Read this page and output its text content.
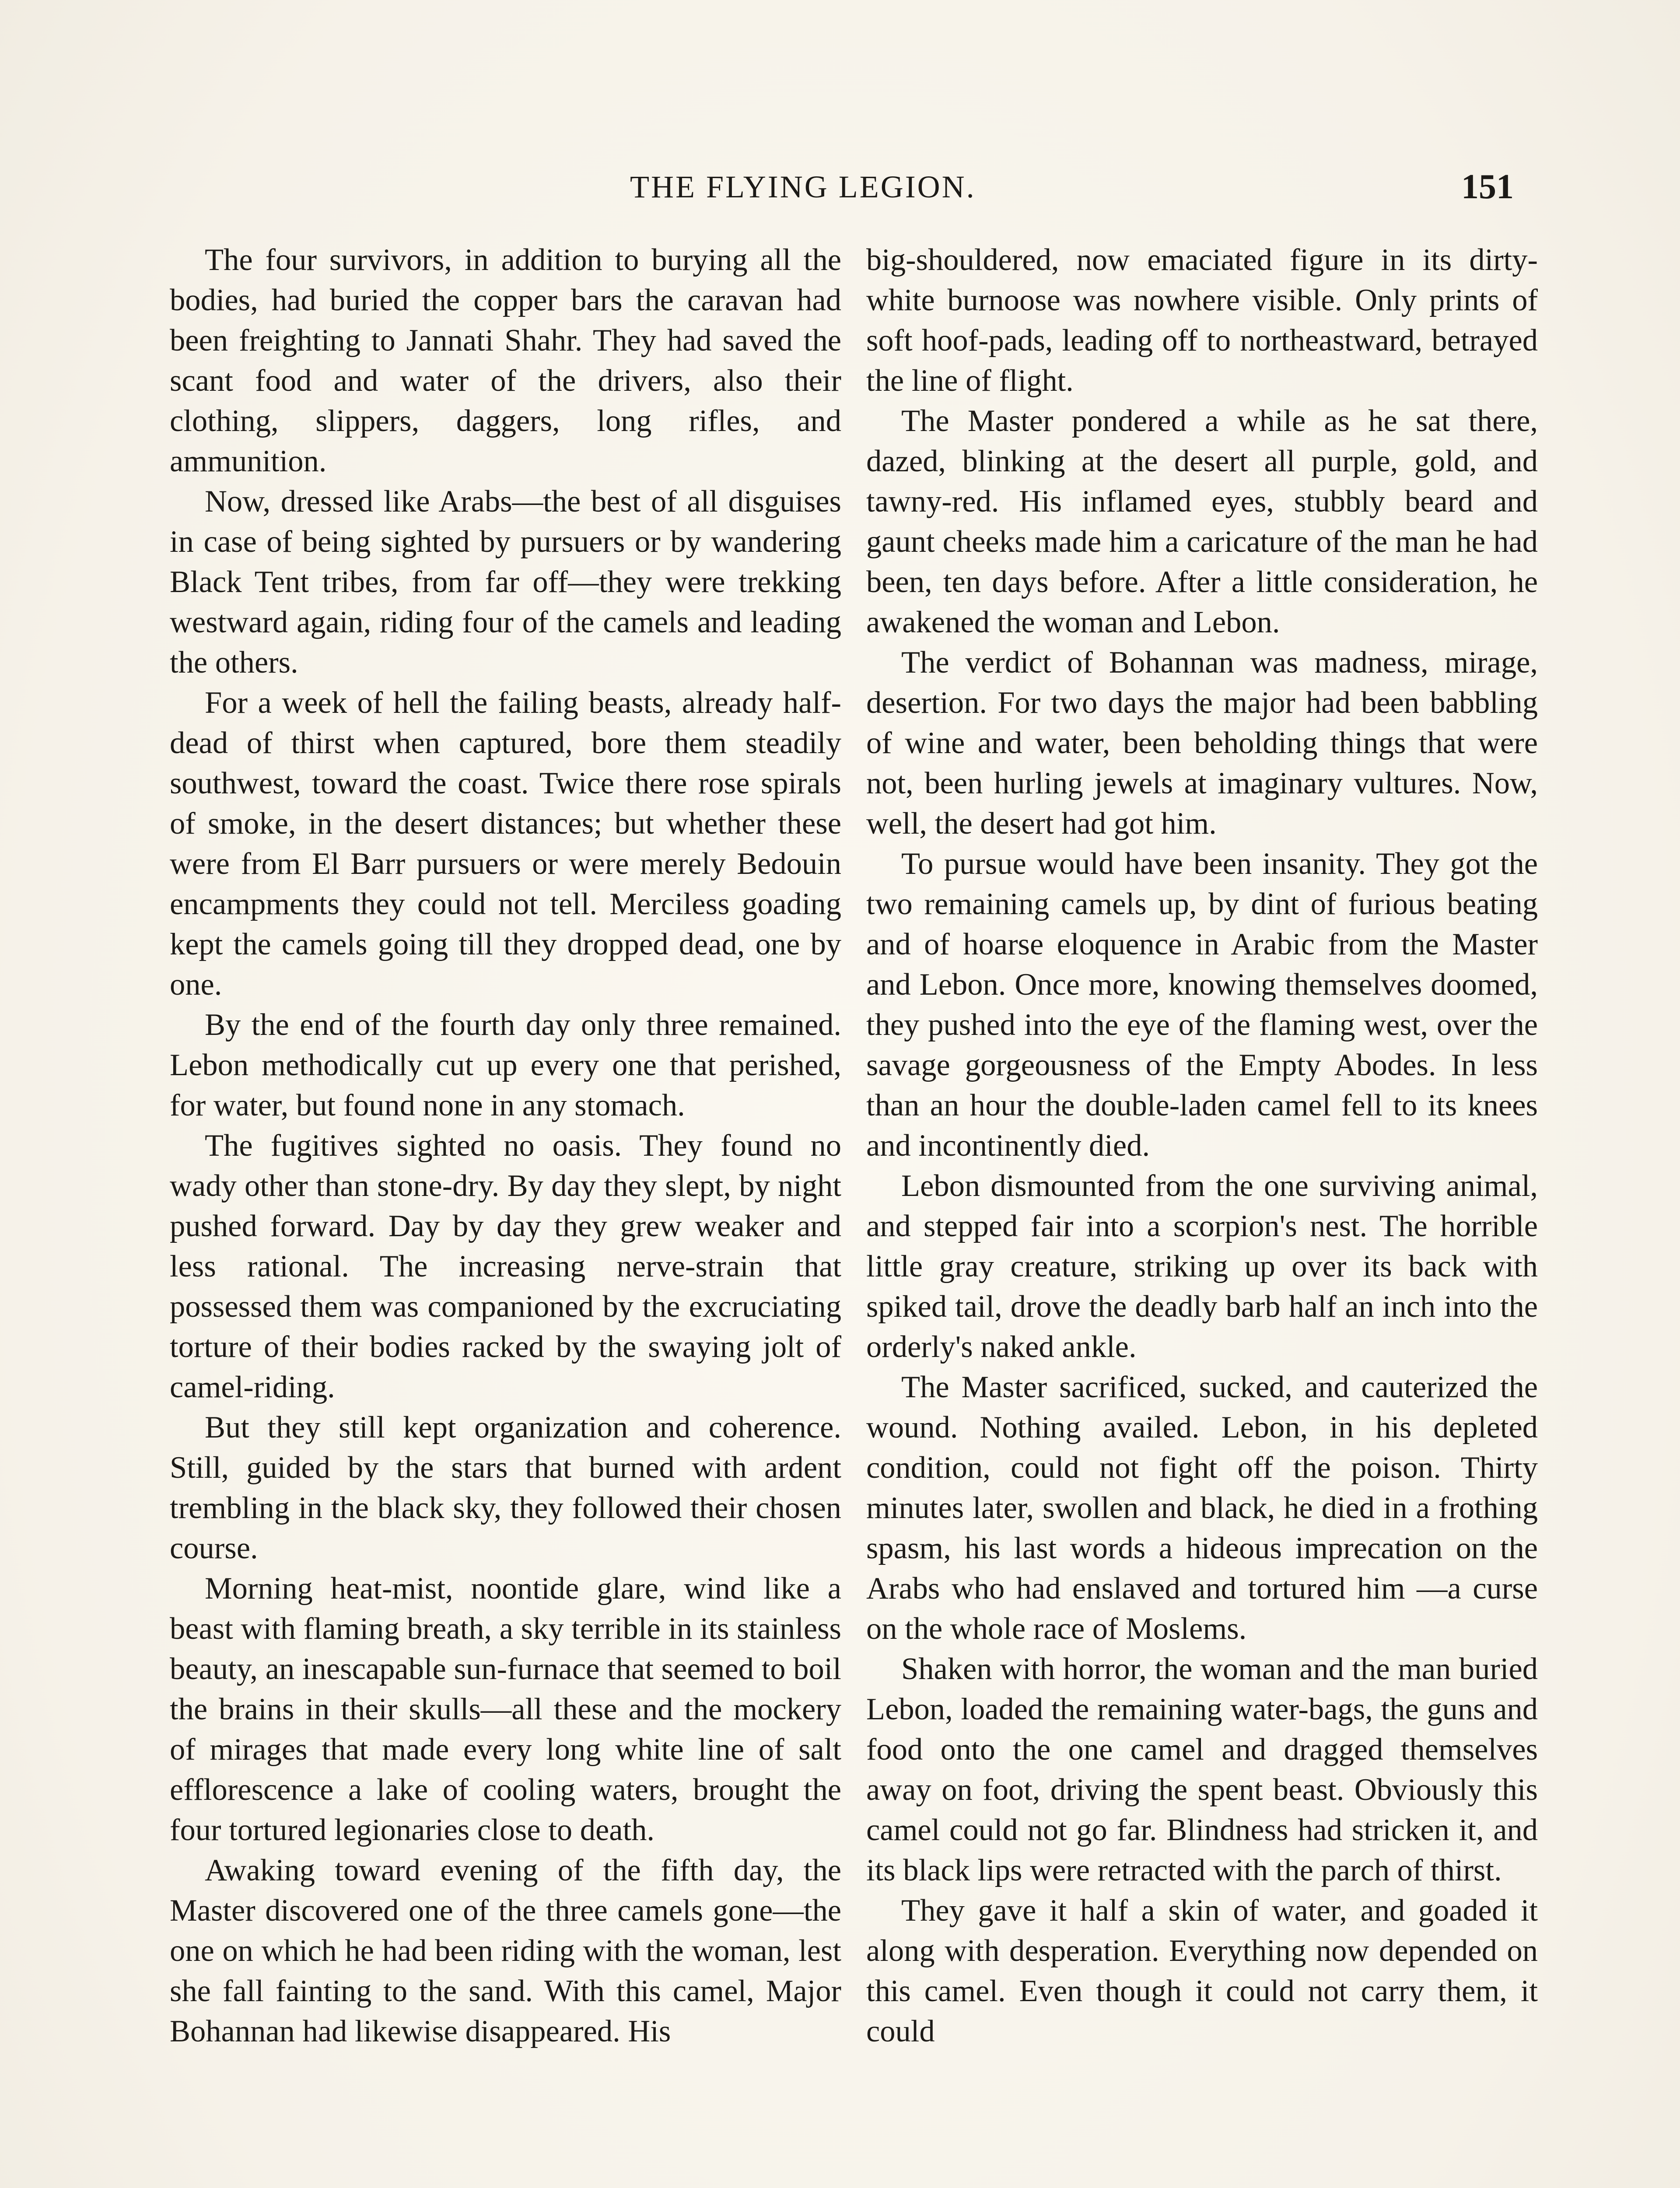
THE FLYING LEGION.	151

The four survivors, in addition to burying all the bodies, had buried the copper bars the caravan had been freighting to Jannati Shahr. They had saved the scant food and water of the drivers, also their clothing, slippers, daggers, long rifles, and ammunition.

Now, dressed like Arabs—the best of all disguises in case of being sighted by pursuers or by wandering Black Tent tribes, from far off—they were trekking westward again, riding four of the camels and leading the others.

For a week of hell the failing beasts, already half-dead of thirst when captured, bore them steadily southwest, toward the coast. Twice there rose spirals of smoke, in the desert distances; but whether these were from El Barr pursuers or were merely Bedouin encampments they could not tell. Merciless goading kept the camels going till they dropped dead, one by one.

By the end of the fourth day only three remained. Lebon methodically cut up every one that perished, for water, but found none in any stomach.

The fugitives sighted no oasis. They found no wady other than stone-dry. By day they slept, by night pushed forward. Day by day they grew weaker and less rational. The increasing nerve-strain that possessed them was companioned by the excruciating torture of their bodies racked by the swaying jolt of camel-riding.

But they still kept organization and coherence. Still, guided by the stars that burned with ardent trembling in the black sky, they followed their chosen course.

Morning heat-mist, noontide glare, wind like a beast with flaming breath, a sky terrible in its stainless beauty, an inescapable sun-furnace that seemed to boil the brains in their skulls—all these and the mockery of mirages that made every long white line of salt efflorescence a lake of cooling waters, brought the four tortured legionaries close to death.

Awaking toward evening of the fifth day, the Master discovered one of the three camels gone—the one on which he had been riding with the woman, lest she fall fainting to the sand. With this camel, Major Bohannan had likewise disappeared. His

big-shouldered, now emaciated figure in its dirty-white burnoose was nowhere visible. Only prints of soft hoof-pads, leading off to northeastward, betrayed the line of flight.

The Master pondered a while as he sat there, dazed, blinking at the desert all purple, gold, and tawny-red. His inflamed eyes, stubbly beard and gaunt cheeks made him a caricature of the man he had been, ten days before. After a little consideration, he awakened the woman and Lebon.

The verdict of Bohannan was madness, mirage, desertion. For two days the major had been babbling of wine and water, been beholding things that were not, been hurling jewels at imaginary vultures. Now, well, the desert had got him.

To pursue would have been insanity. They got the two remaining camels up, by dint of furious beating and of hoarse eloquence in Arabic from the Master and Lebon. Once more, knowing themselves doomed, they pushed into the eye of the flaming west, over the savage gorgeousness of the Empty Abodes. In less than an hour the double-laden camel fell to its knees and incontinently died.

Lebon dismounted from the one surviving animal, and stepped fair into a scorpion's nest. The horrible little gray creature, striking up over its back with spiked tail, drove the deadly barb half an inch into the orderly's naked ankle.

The Master sacrificed, sucked, and cauterized the wound. Nothing availed. Lebon, in his depleted condition, could not fight off the poison. Thirty minutes later, swollen and black, he died in a frothing spasm, his last words a hideous imprecation on the Arabs who had enslaved and tortured him —a curse on the whole race of Moslems.

Shaken with horror, the woman and the man buried Lebon, loaded the remaining water-bags, the guns and food onto the one camel and dragged themselves away on foot, driving the spent beast. Obviously this camel could not go far. Blindness had stricken it, and its black lips were retracted with the parch of thirst.

They gave it half a skin of water, and goaded it along with desperation. Everything now depended on this camel. Even though it could not carry them, it could
